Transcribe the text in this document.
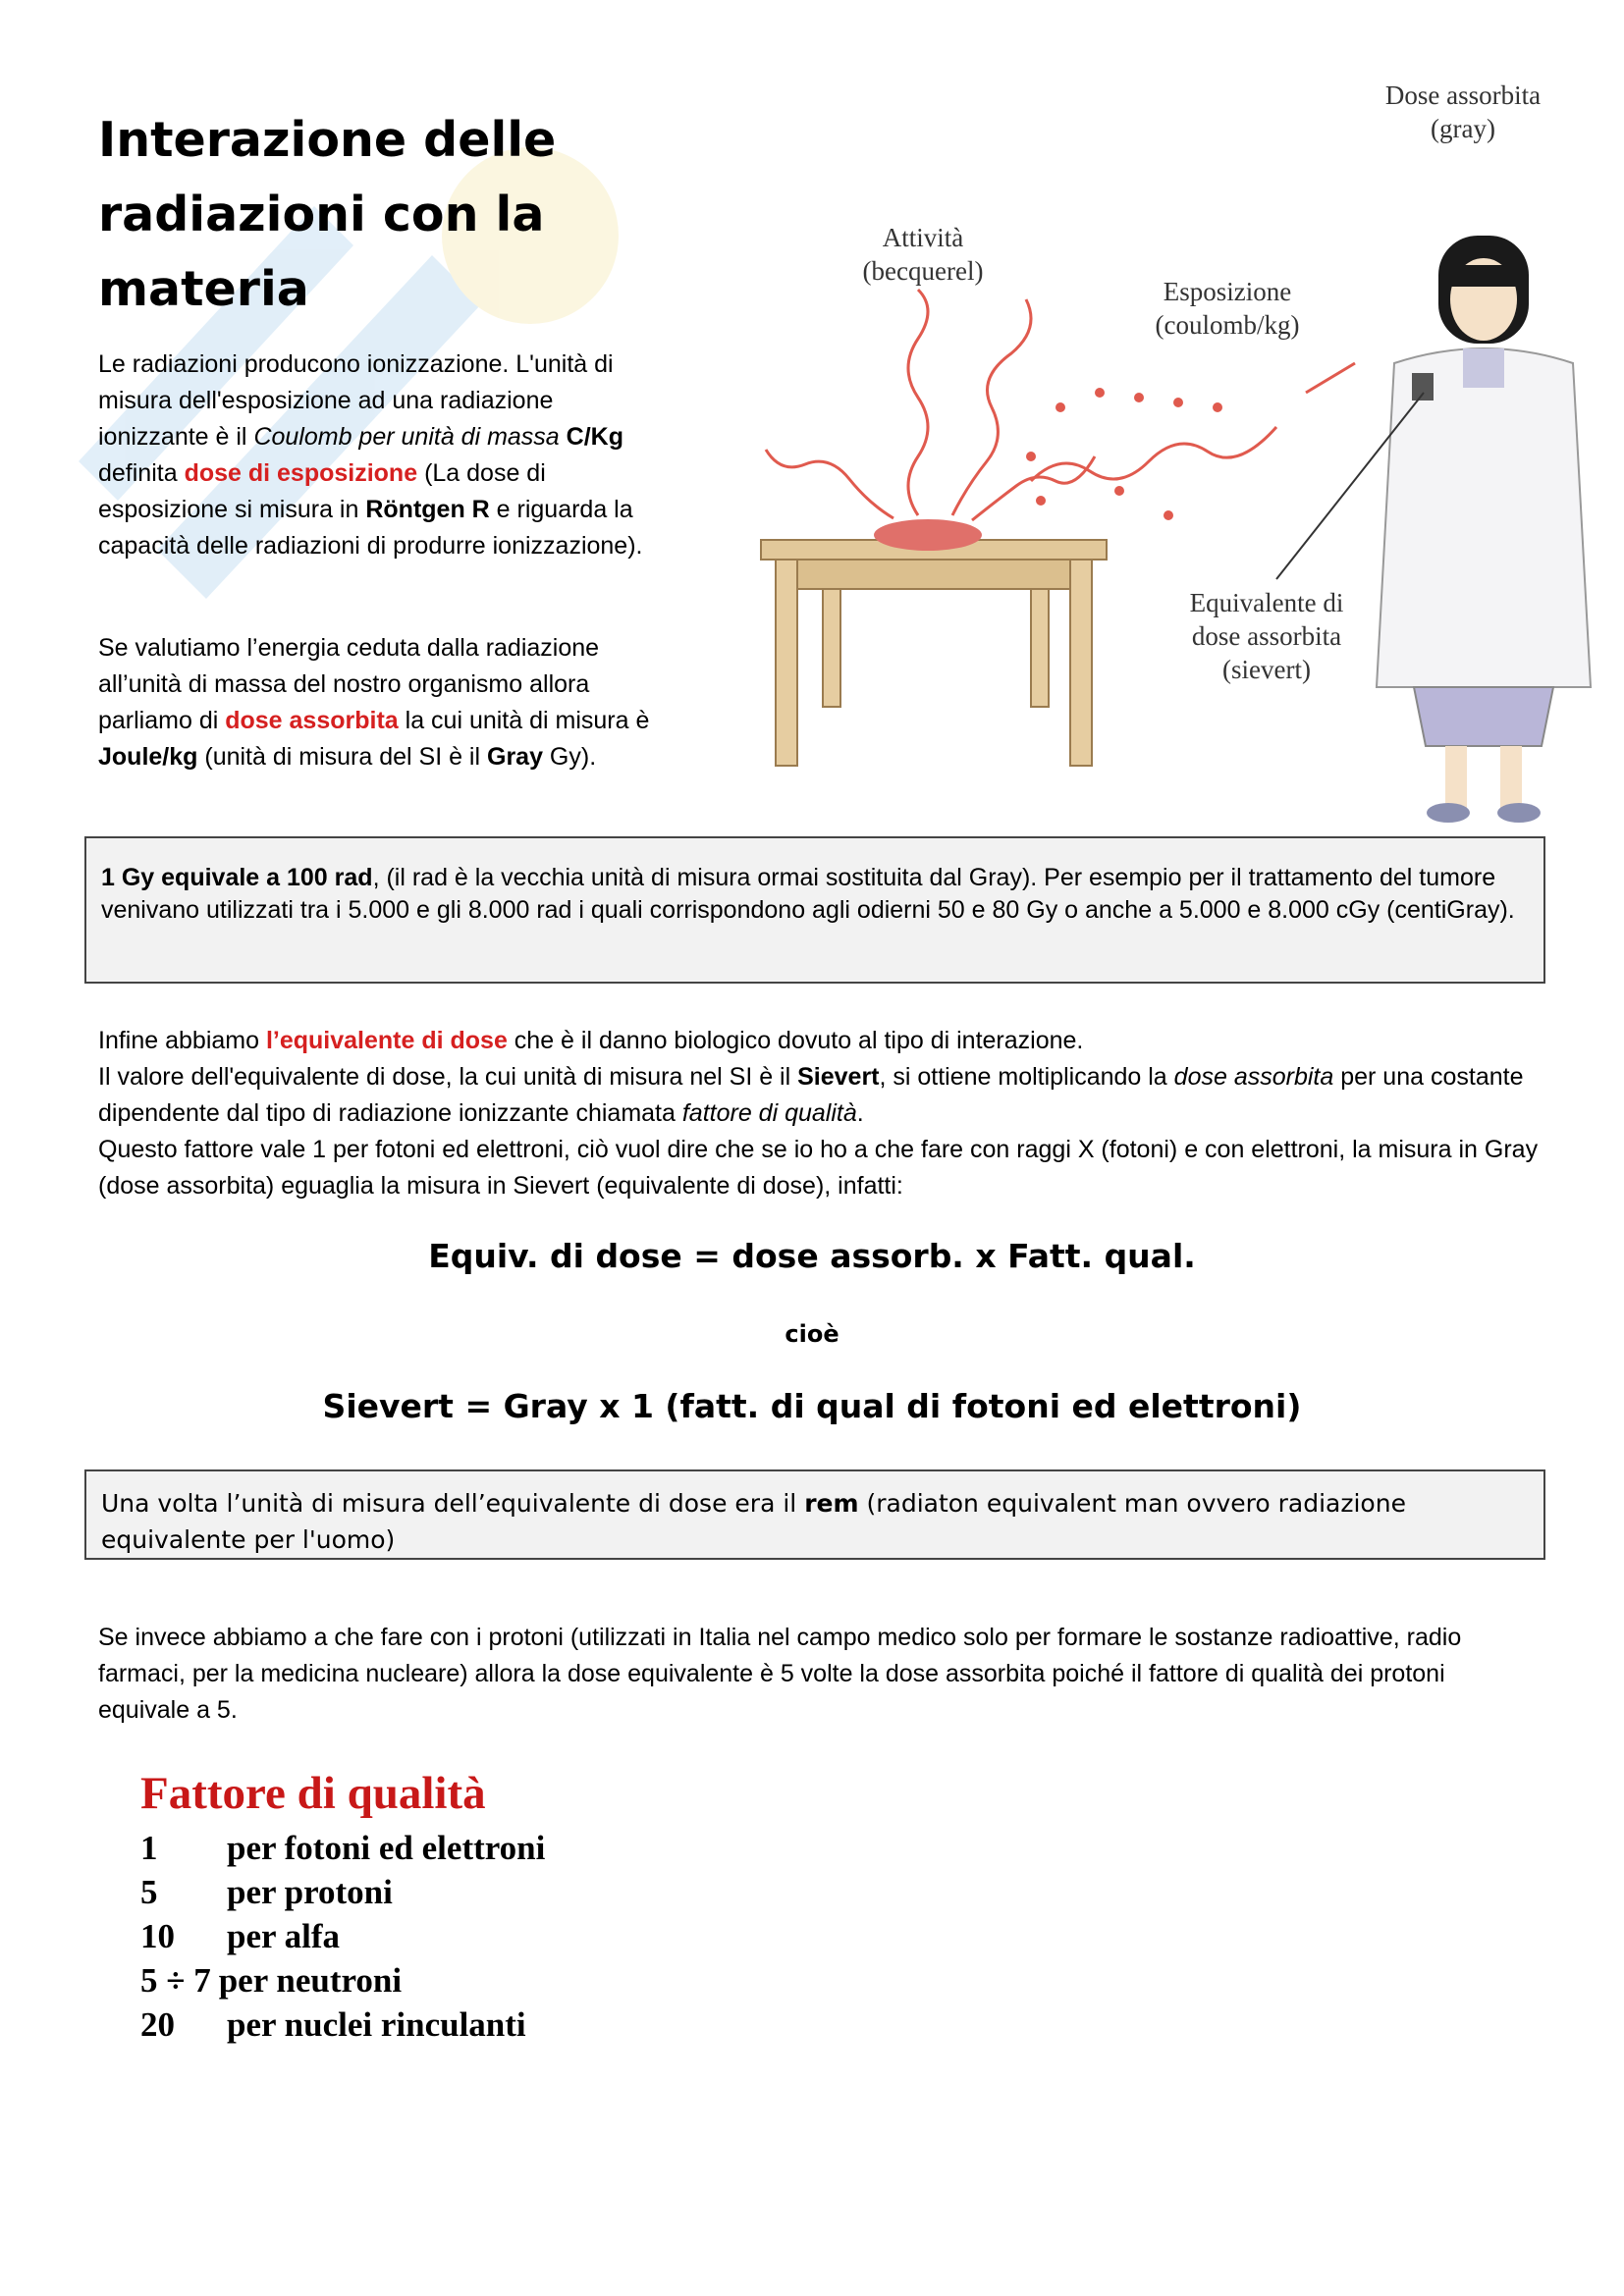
Interazione delle radiazioni con la materia

Le radiazioni producono ionizzazione. L'unità di misura dell'esposizione ad una radiazione ionizzante è il Coulomb per unità di massa C/Kg definita dose di esposizione (La dose di esposizione si misura in Röntgen R e riguarda la capacità delle radiazioni di produrre ionizzazione).

Se valutiamo l’energia ceduta dalla radiazione all’unità di massa del nostro organismo allora parliamo di dose assorbita la cui unità di misura è Joule/kg (unità di misura del SI è il Gray Gy).

Dose assorbita
(gray)
Attività
(becquerel)
Esposizione
(coulomb/kg)
Equivalente di
dose assorbita
(sievert)
1 Gy equivale a 100 rad, (il rad è la vecchia unità di misura ormai sostituita dal Gray). Per esempio per il trattamento del tumore venivano utilizzati tra i 5.000 e gli 8.000 rad i quali corrispondono agli odierni 50 e 80 Gy o anche a 5.000 e 8.000 cGy (centiGray).

Infine abbiamo l’equivalente di dose che è il danno biologico dovuto al tipo di interazione.
Il valore dell'equivalente di dose, la cui unità di misura nel SI è il Sievert, si ottiene moltiplicando la dose assorbita per una costante dipendente dal tipo di radiazione ionizzante chiamata fattore di qualità.
Questo fattore vale 1 per fotoni ed elettroni, ciò vuol dire che se io ho a che fare con raggi X (fotoni) e con elettroni, la misura in Gray (dose assorbita) eguaglia la misura in Sievert (equivalente di dose), infatti:

Equiv. di dose = dose assorb. x Fatt. qual.

cioè

Sievert = Gray x 1 (fatt. di qual di fotoni ed elettroni)

Una volta l’unità di misura dell’equivalente di dose era il rem (radiaton equivalent man ovvero radiazione equivalente per l'uomo)

Se invece abbiamo a che fare con i protoni (utilizzati in Italia nel campo medico solo per formare le sostanze radioattive, radio farmaci, per la medicina nucleare) allora la dose equivalente è 5 volte la dose assorbita poiché il fattore di qualità dei protoni equivale a 5.

Fattore di qualità

1 per fotoni ed elettroni
5 per protoni
10 per alfa
5 ÷ 7 per neutroni
20 per nuclei rinculanti
